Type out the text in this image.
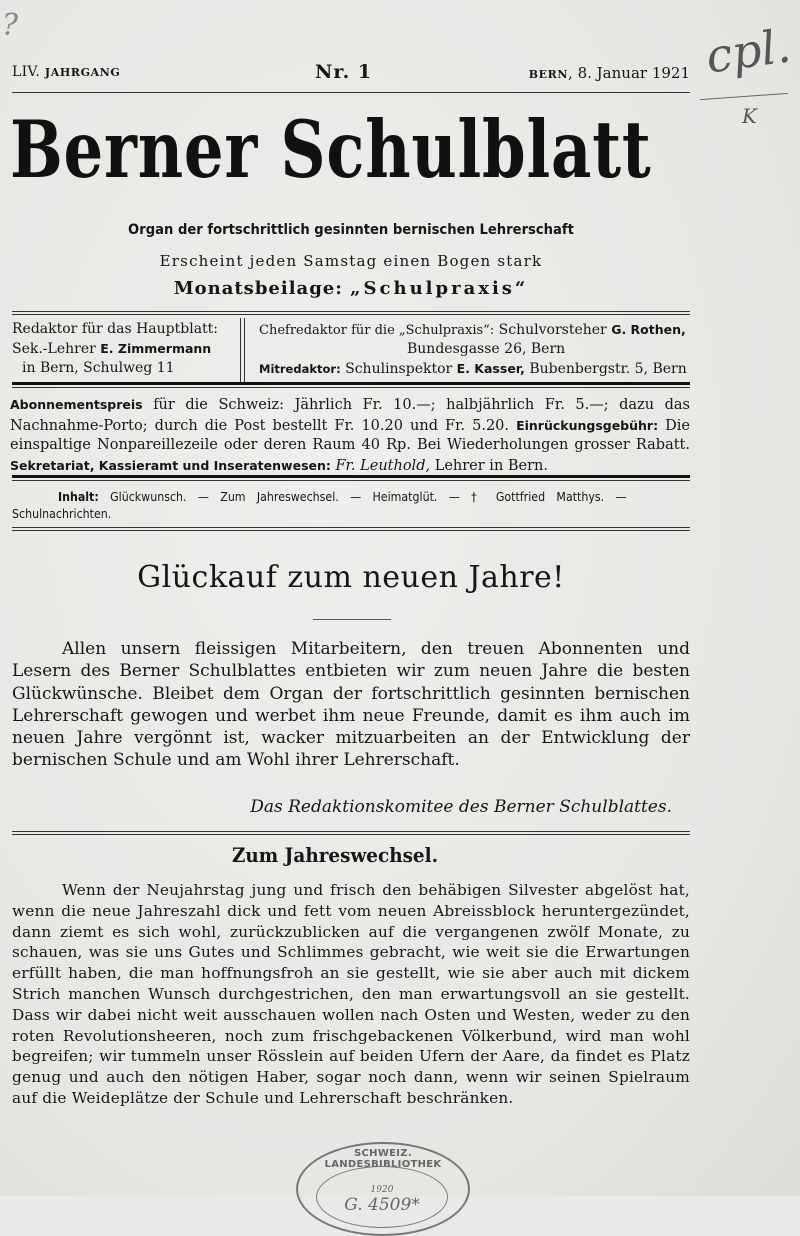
?	cpl.
K
LIV. JAHRGANG	Nr. 1	BERN, 8. Januar 1921
Berner Schulblatt
Organ der fortschrittlich gesinnten bernischen Lehrerschaft
Erscheint jeden Samstag einen Bogen stark
Monatsbeilage: „Schulpraxis“
Redaktor für das Hauptblatt:
Sek.-Lehrer E. Zimmermann
in Bern, Schulweg 11
Chefredaktor für die „Schulpraxis“: Schulvorsteher G. Rothen,
Bundesgasse 26, Bern
Mitredaktor: Schulinspektor E. Kasser, Bubenbergstr. 5, Bern

Abonnementspreis für die Schweiz: Jährlich Fr. 10.—; halbjährlich Fr. 5.—; dazu das Nachnahme-Porto; durch die Post bestellt Fr. 10.20 und Fr. 5.20. Einrückungsgebühr: Die einspaltige Nonpareillezeile oder deren Raum 40 Rp. Bei Wiederholungen grosser Rabatt. Sekretariat, Kassieramt und Inseratenwesen: Fr. Leuthold, Lehrer in Bern.

Inhalt: Glückwunsch. — Zum Jahreswechsel. — Heimatglüt. — † Gottfried Matthys. — Schulnachrichten.
Glückauf zum neuen Jahre!

Allen unsern fleissigen Mitarbeitern, den treuen Abonnenten und Lesern des Berner Schulblattes entbieten wir zum neuen Jahre die besten Glückwünsche. Bleibet dem Organ der fortschrittlich gesinnten bernischen Lehrerschaft gewogen und werbet ihm neue Freunde, damit es ihm auch im neuen Jahre vergönnt ist, wacker mitzuarbeiten an der Entwicklung der bernischen Schule und am Wohl ihrer Lehrerschaft.

Das Redaktionskomitee des Berner Schulblattes.
Zum Jahreswechsel.

Wenn der Neujahrstag jung und frisch den behäbigen Silvester abgelöst hat, wenn die neue Jahreszahl dick und fett vom neuen Abreissblock heruntergezündet, dann ziemt es sich wohl, zurückzublicken auf die vergangenen zwölf Monate, zu schauen, was sie uns Gutes und Schlimmes gebracht, wie weit sie die Erwartungen erfüllt haben, die man hoffnungsfroh an sie gestellt, wie sie aber auch mit dickem Strich manchen Wunsch durchgestrichen, den man erwartungsvoll an sie gestellt. Dass wir dabei nicht weit ausschauen wollen nach Osten und Westen, weder zu den roten Revolutionsheeren, noch zum frischgebackenen Völkerbund, wird man wohl begreifen; wir tummeln unser Rösslein auf beiden Ufern der Aare, da findet es Platz genug und auch den nötigen Haber, sogar noch dann, wenn wir seinen Spielraum auf die Weideplätze der Schule und Lehrerschaft beschränken.

SCHWEIZ. LANDESBIBLIOTHEK
1920
G. 4509*
